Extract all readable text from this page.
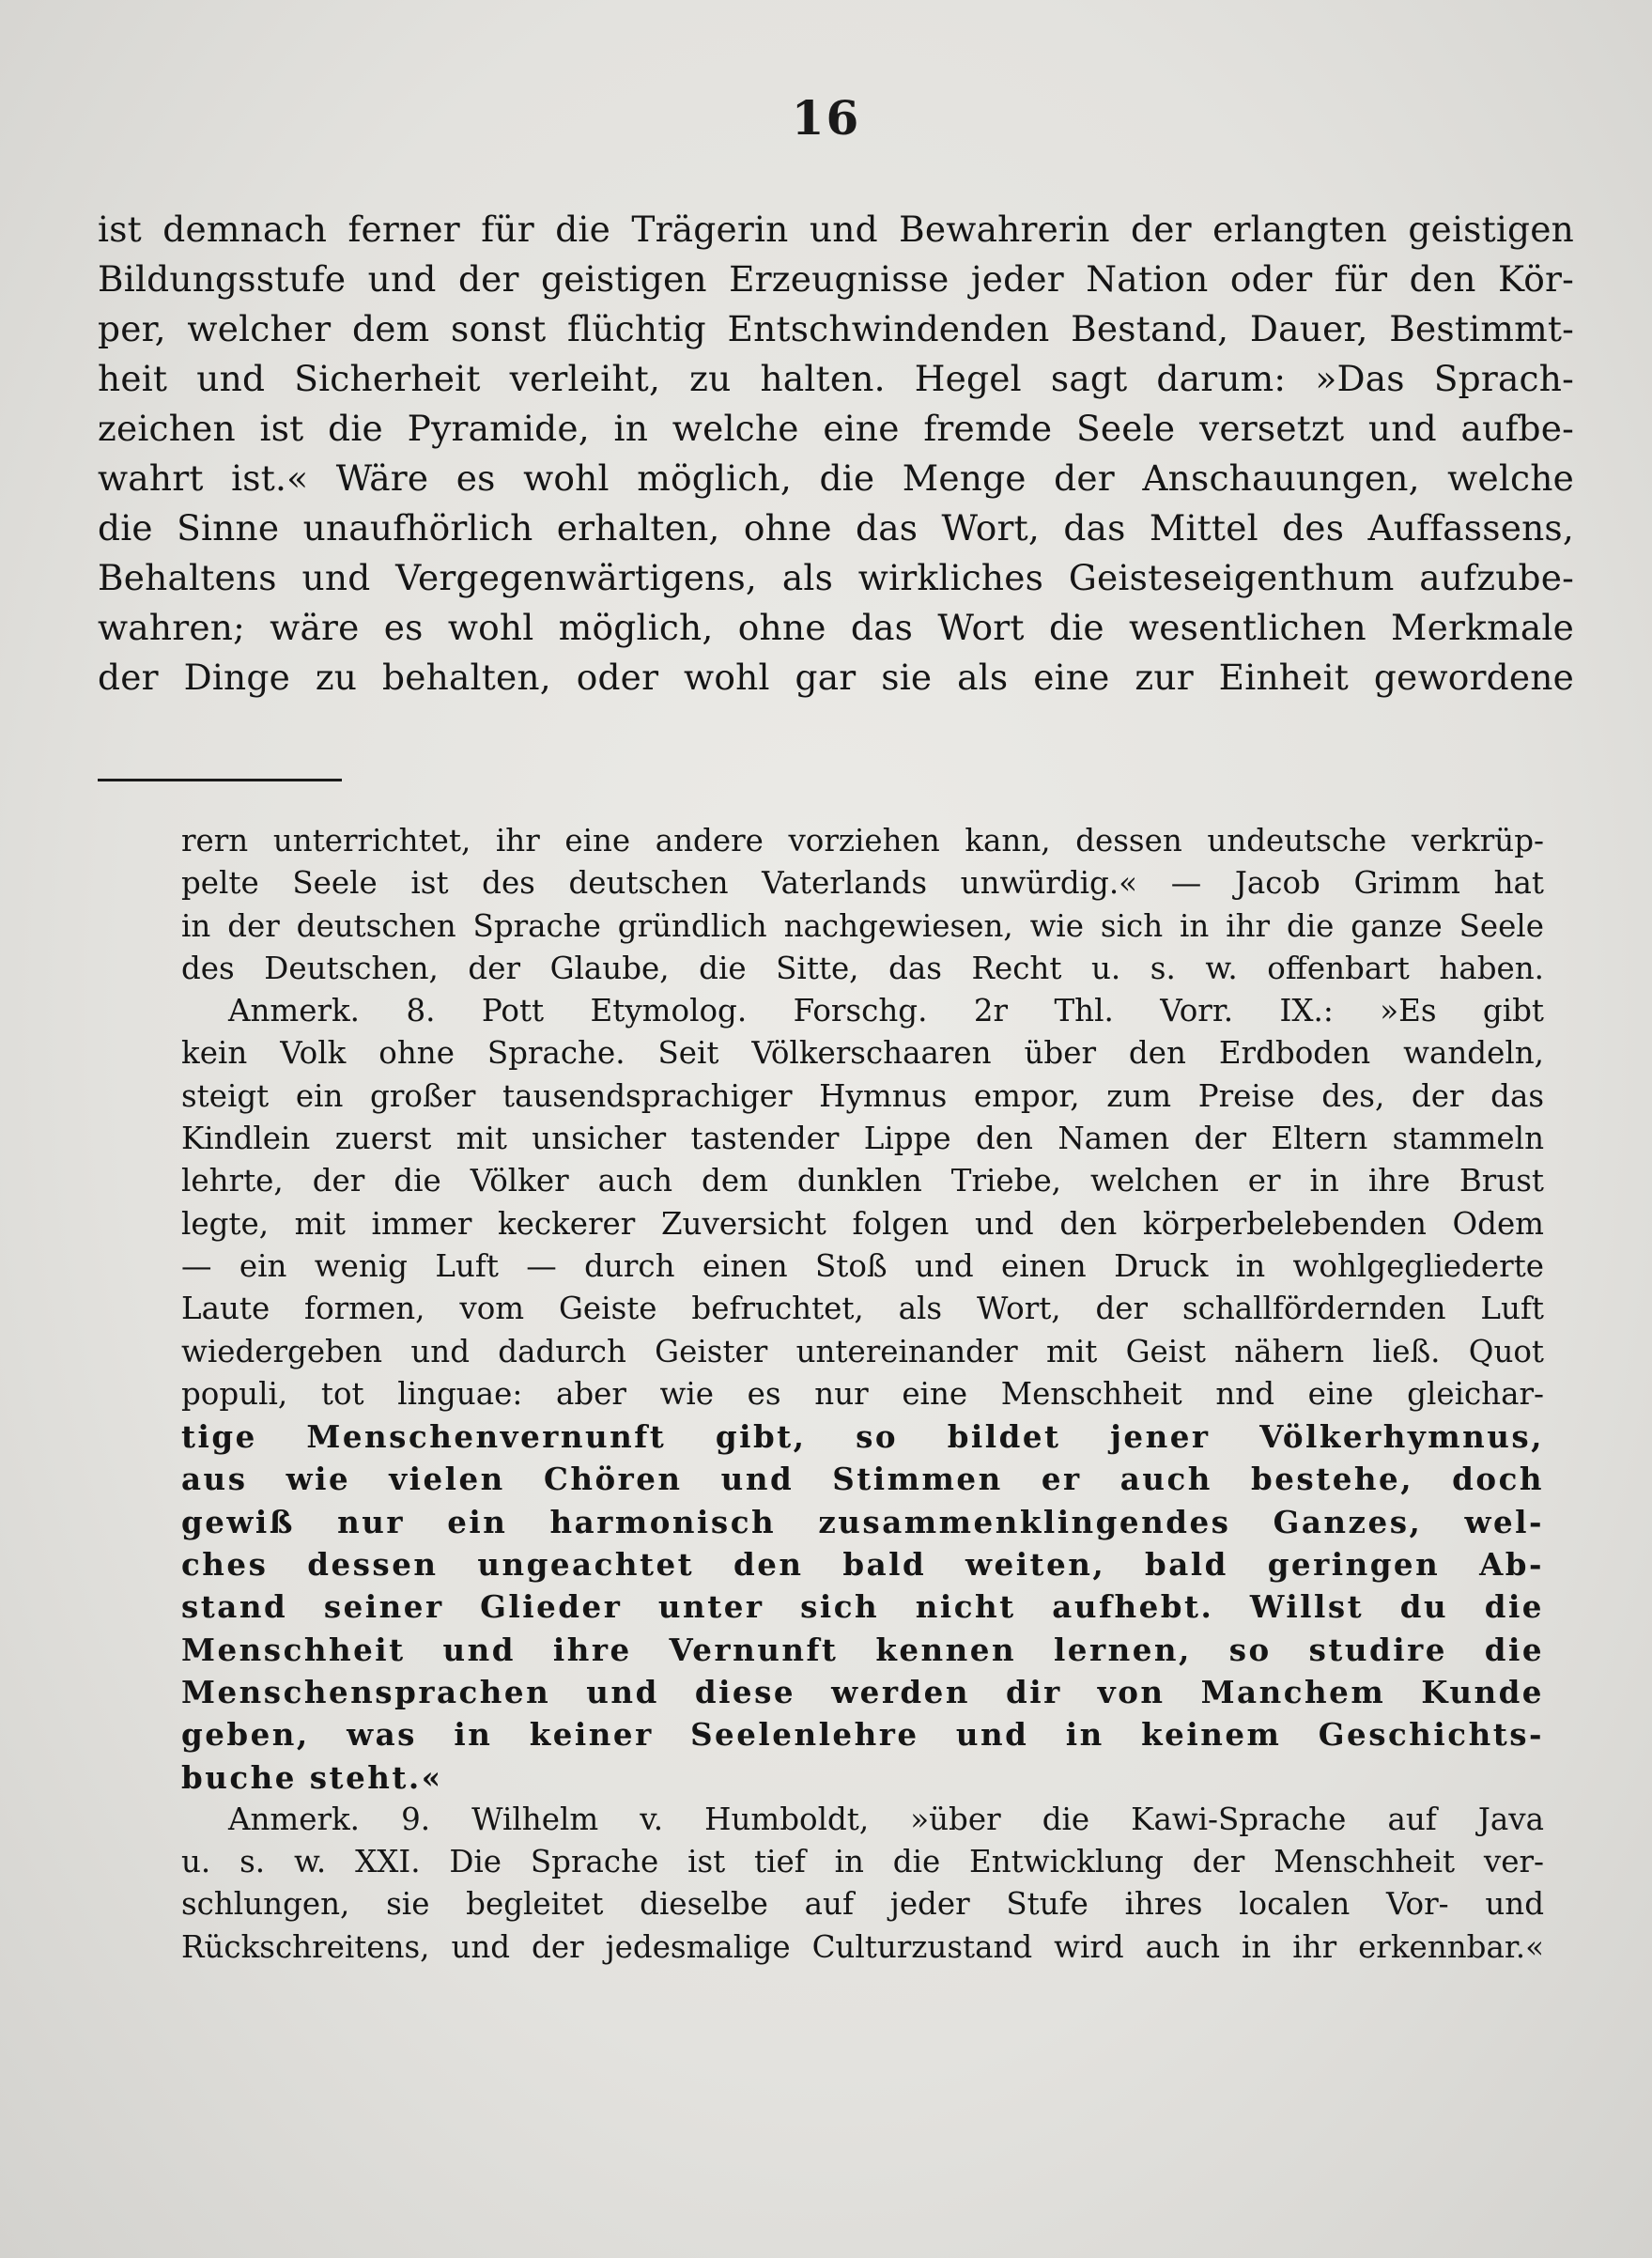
16
ist demnach ferner für die Trägerin und Bewahrerin der erlangten geistigen
Bildungsstufe und der geistigen Erzeugnisse jeder Nation oder für den Kör-
per, welcher dem sonst flüchtig Entschwindenden Bestand, Dauer, Bestimmt-
heit und Sicherheit verleiht, zu halten. Hegel sagt darum: »Das Sprach-
zeichen ist die Pyramide, in welche eine fremde Seele versetzt und aufbe-
wahrt ist.« Wäre es wohl möglich, die Menge der Anschauungen, welche
die Sinne unaufhörlich erhalten, ohne das Wort, das Mittel des Auffassens,
Behaltens und Vergegenwärtigens, als wirkliches Geisteseigenthum aufzube-
wahren; wäre es wohl möglich, ohne das Wort die wesentlichen Merkmale
der Dinge zu behalten, oder wohl gar sie als eine zur Einheit gewordene
rern unterrichtet, ihr eine andere vorziehen kann, dessen undeutsche verkrüp-
pelte Seele ist des deutschen Vaterlands unwürdig.« — Jacob Grimm hat
in der deutschen Sprache gründlich nachgewiesen, wie sich in ihr die ganze Seele
des Deutschen, der Glaube, die Sitte, das Recht u. s. w. offenbart haben.
Anmerk. 8. Pott Etymolog. Forschg. 2r Thl. Vorr. IX.: »Es gibt
kein Volk ohne Sprache. Seit Völkerschaaren über den Erdboden wandeln,
steigt ein großer tausendsprachiger Hymnus empor, zum Preise des, der das
Kindlein zuerst mit unsicher tastender Lippe den Namen der Eltern stammeln
lehrte, der die Völker auch dem dunklen Triebe, welchen er in ihre Brust
legte, mit immer keckerer Zuversicht folgen und den körperbelebenden Odem
— ein wenig Luft — durch einen Stoß und einen Druck in wohlgegliederte
Laute formen, vom Geiste befruchtet, als Wort, der schallfördernden Luft
wiedergeben und dadurch Geister untereinander mit Geist nähern ließ. Quot
populi, tot linguae: aber wie es nur eine Menschheit nnd eine gleichar-
tige Menschenvernunft gibt, so bildet jener Völkerhymnus,
aus wie vielen Chören und Stimmen er auch bestehe, doch
gewiß nur ein harmonisch zusammenklingendes Ganzes, wel-
ches dessen ungeachtet den bald weiten, bald geringen Ab-
stand seiner Glieder unter sich nicht aufhebt. Willst du die
Menschheit und ihre Vernunft kennen lernen, so studire die
Menschensprachen und diese werden dir von Manchem Kunde
geben, was in keiner Seelenlehre und in keinem Geschichts-
buche steht.«
Anmerk. 9. Wilhelm v. Humboldt, »über die Kawi-Sprache auf Java
u. s. w. XXI. Die Sprache ist tief in die Entwicklung der Menschheit ver-
schlungen, sie begleitet dieselbe auf jeder Stufe ihres localen Vor- und
Rückschreitens, und der jedesmalige Culturzustand wird auch in ihr erkennbar.«
